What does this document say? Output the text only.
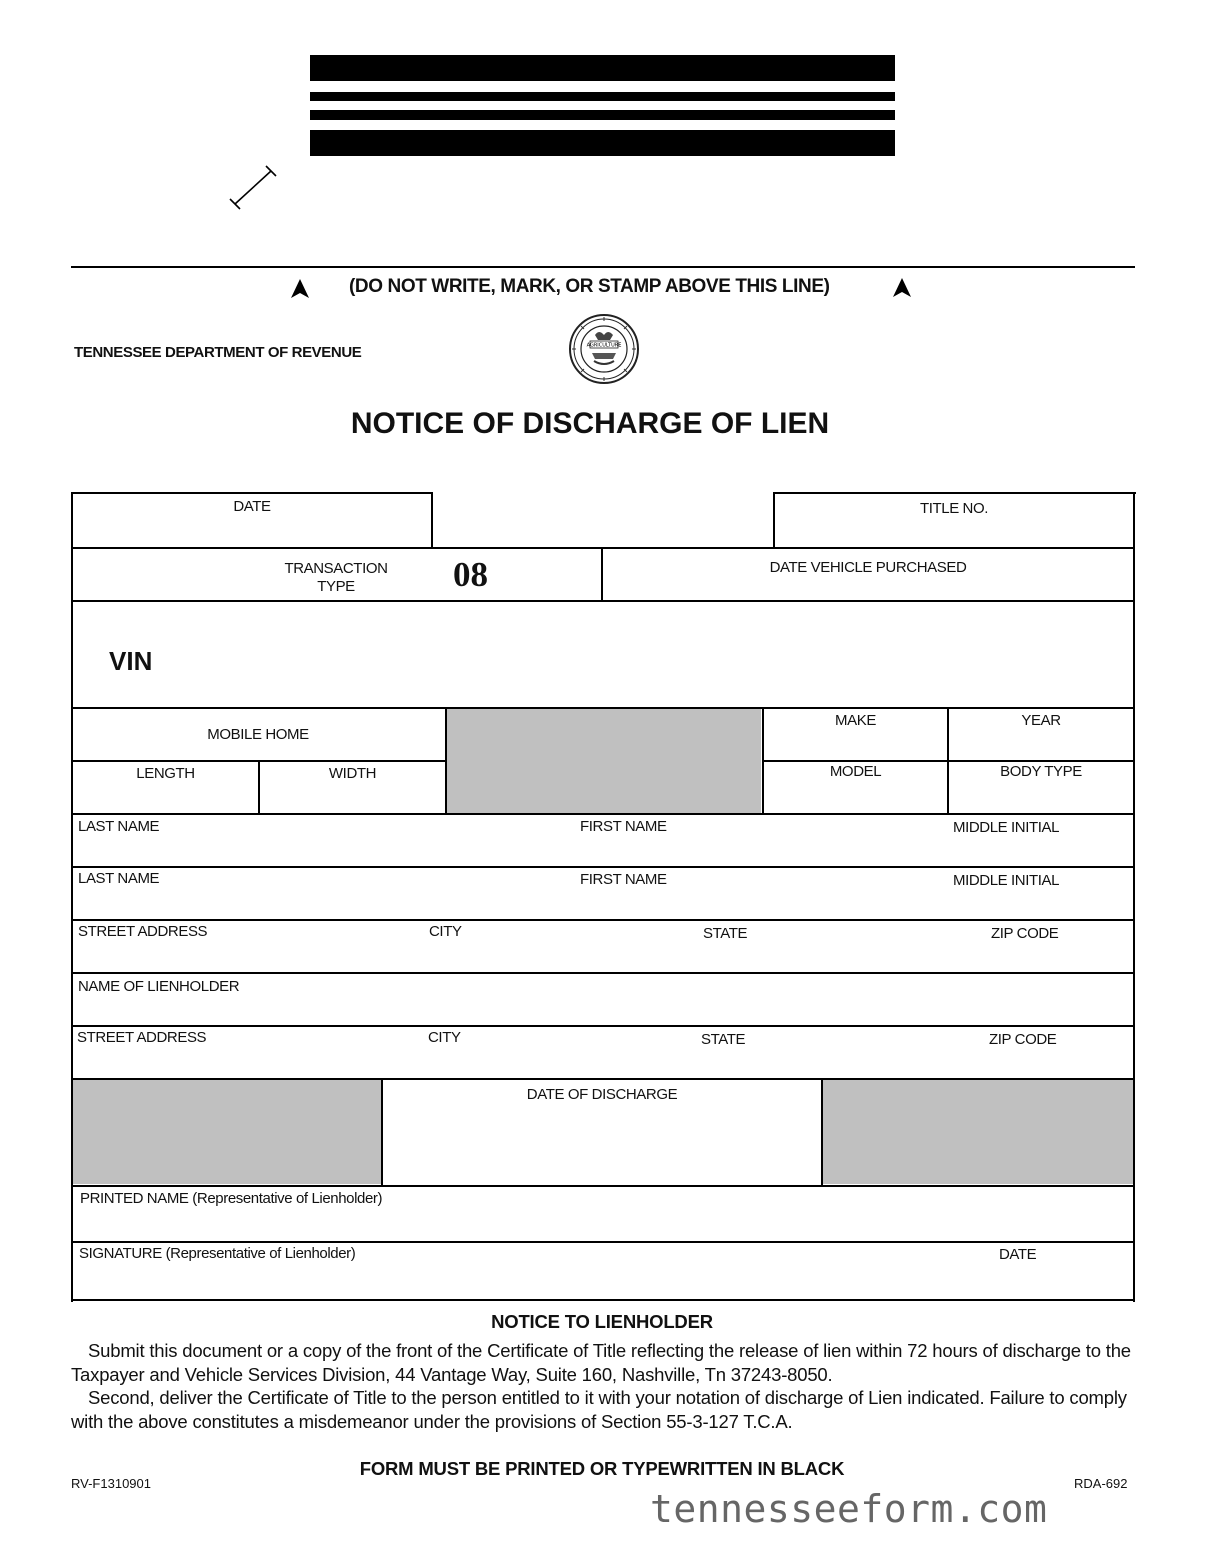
(DO NOT WRITE, MARK, OR STAMP ABOVE THIS LINE)
TENNESSEE DEPARTMENT OF REVENUE	AGRICULTURE
NOTICE OF DISCHARGE OF LIEN
DATE	TITLE NO.
TRANSACTION
TYPE	08	DATE VEHICLE PURCHASED
VIN
MOBILE HOME
LENGTH	WIDTH
MAKE	YEAR
MODEL	BODY TYPE
LAST NAME	FIRST NAME	MIDDLE INITIAL
LAST NAME	FIRST NAME	MIDDLE INITIAL
STREET ADDRESS	CITY	STATE	ZIP CODE
NAME OF LIENHOLDER
STREET ADDRESS	CITY	STATE	ZIP CODE
DATE OF DISCHARGE
PRINTED NAME (Representative of Lienholder)
SIGNATURE (Representative of Lienholder)	DATE
NOTICE TO LIENHOLDER
Submit this document or a copy of the front of the Certificate of Title reflecting the release of lien within 72 hours of discharge to the Taxpayer and Vehicle Services Division, 44 Vantage Way, Suite 160, Nashville, Tn 37243-8050.
Second, deliver the Certificate of Title to the person entitled to it with your notation of discharge of Lien indicated. Failure to comply with the above constitutes a misdemeanor under the provisions of Section 55-3-127 T.C.A.
FORM MUST BE PRINTED OR TYPEWRITTEN IN BLACK
RV-F1310901	RDA-692
tennesseeform.com
